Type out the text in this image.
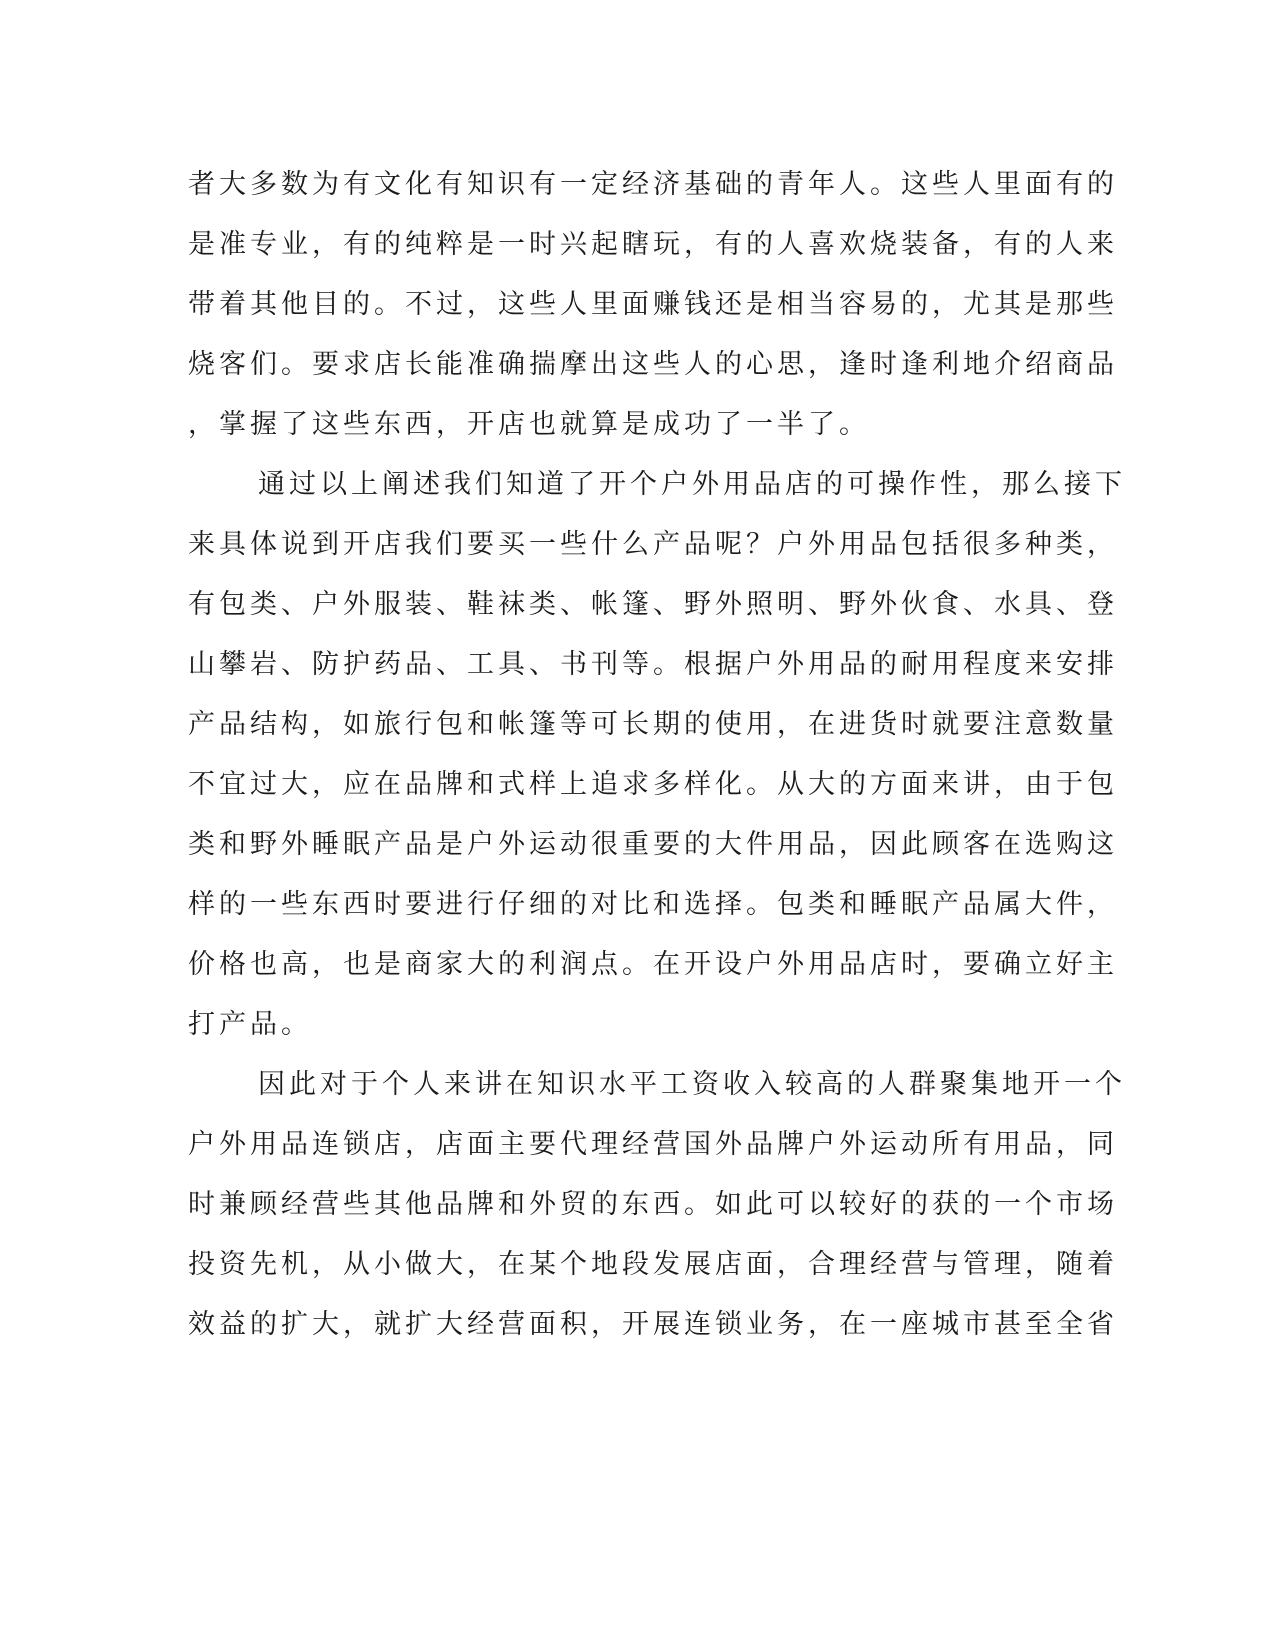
者大多数为有文化有知识有一定经济基础的青年人。这些人里面有的
是准专业，有的纯粹是一时兴起瞎玩，有的人喜欢烧装备，有的人来
带着其他目的。不过，这些人里面赚钱还是相当容易的，尤其是那些
烧客们。要求店长能准确揣摩出这些人的心思，逢时逢利地介绍商品
，掌握了这些东西，开店也就算是成功了一半了。
通过以上阐述我们知道了开个户外用品店的可操作性，那么接下
来具体说到开店我们要买一些什么产品呢？户外用品包括很多种类，
有包类、户外服装、鞋袜类、帐篷、野外照明、野外伙食、水具、登
山攀岩、防护药品、工具、书刊等。根据户外用品的耐用程度来安排
产品结构，如旅行包和帐篷等可长期的使用，在进货时就要注意数量
不宜过大，应在品牌和式样上追求多样化。从大的方面来讲，由于包
类和野外睡眠产品是户外运动很重要的大件用品，因此顾客在选购这
样的一些东西时要进行仔细的对比和选择。包类和睡眠产品属大件，
价格也高，也是商家大的利润点。在开设户外用品店时，要确立好主
打产品。
因此对于个人来讲在知识水平工资收入较高的人群聚集地开一个
户外用品连锁店，店面主要代理经营国外品牌户外运动所有用品，同
时兼顾经营些其他品牌和外贸的东西。如此可以较好的获的一个市场
投资先机，从小做大，在某个地段发展店面，合理经营与管理，随着
效益的扩大，就扩大经营面积，开展连锁业务，在一座城市甚至全省
